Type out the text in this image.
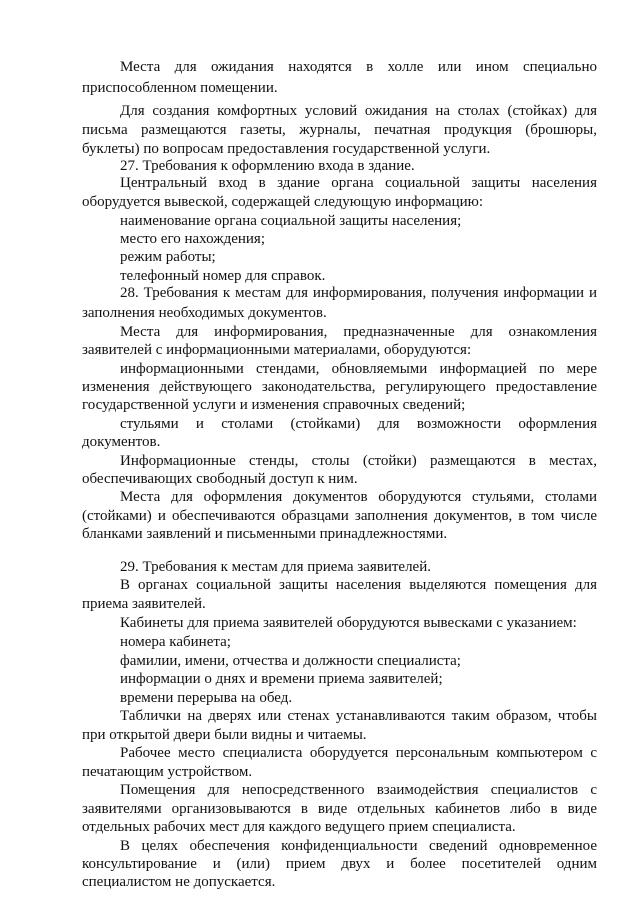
Места для ожидания находятся в холле или ином специально
приспособленном помещении.
Для создания комфортных условий ожидания на столах (стойках) для
письма размещаются газеты, журналы, печатная продукция (брошюры,
буклеты) по вопросам предоставления государственной услуги.
27. Требования к оформлению входа в здание.
Центральный вход в здание органа социальной защиты населения
оборудуется вывеской, содержащей следующую информацию:
наименование органа социальной защиты населения;
место его нахождения;
режим работы;
телефонный номер для справок.
28. Требования к местам для информирования, получения информации и
заполнения необходимых документов.
Места для информирования, предназначенные для ознакомления
заявителей с информационными материалами, оборудуются:
информационными стендами, обновляемыми информацией по мере
изменения действующего законодательства, регулирующего предоставление
государственной услуги и изменения справочных сведений;
стульями и столами (стойками) для возможности оформления
документов.
Информационные стенды, столы (стойки) размещаются в местах,
обеспечивающих свободный доступ к ним.
Места для оформления документов оборудуются стульями, столами
(стойками) и обеспечиваются образцами заполнения документов, в том числе
бланками заявлений и письменными принадлежностями.
29. Требования к местам для приема заявителей.
В органах социальной защиты населения выделяются помещения для
приема заявителей.
Кабинеты для приема заявителей оборудуются вывесками с указанием:
номера кабинета;
фамилии, имени, отчества и должности специалиста;
информации о днях и времени приема заявителей;
времени перерыва на обед.
Таблички на дверях или стенах устанавливаются таким образом, чтобы
при открытой двери были видны и читаемы.
Рабочее место специалиста оборудуется персональным компьютером с
печатающим устройством.
Помещения для непосредственного взаимодействия специалистов с
заявителями организовываются в виде отдельных кабинетов либо в виде
отдельных рабочих мест для каждого ведущего прием специалиста.
В целях обеспечения конфиденциальности сведений одновременное
консультирование и (или) прием двух и более посетителей одним
специалистом не допускается.
